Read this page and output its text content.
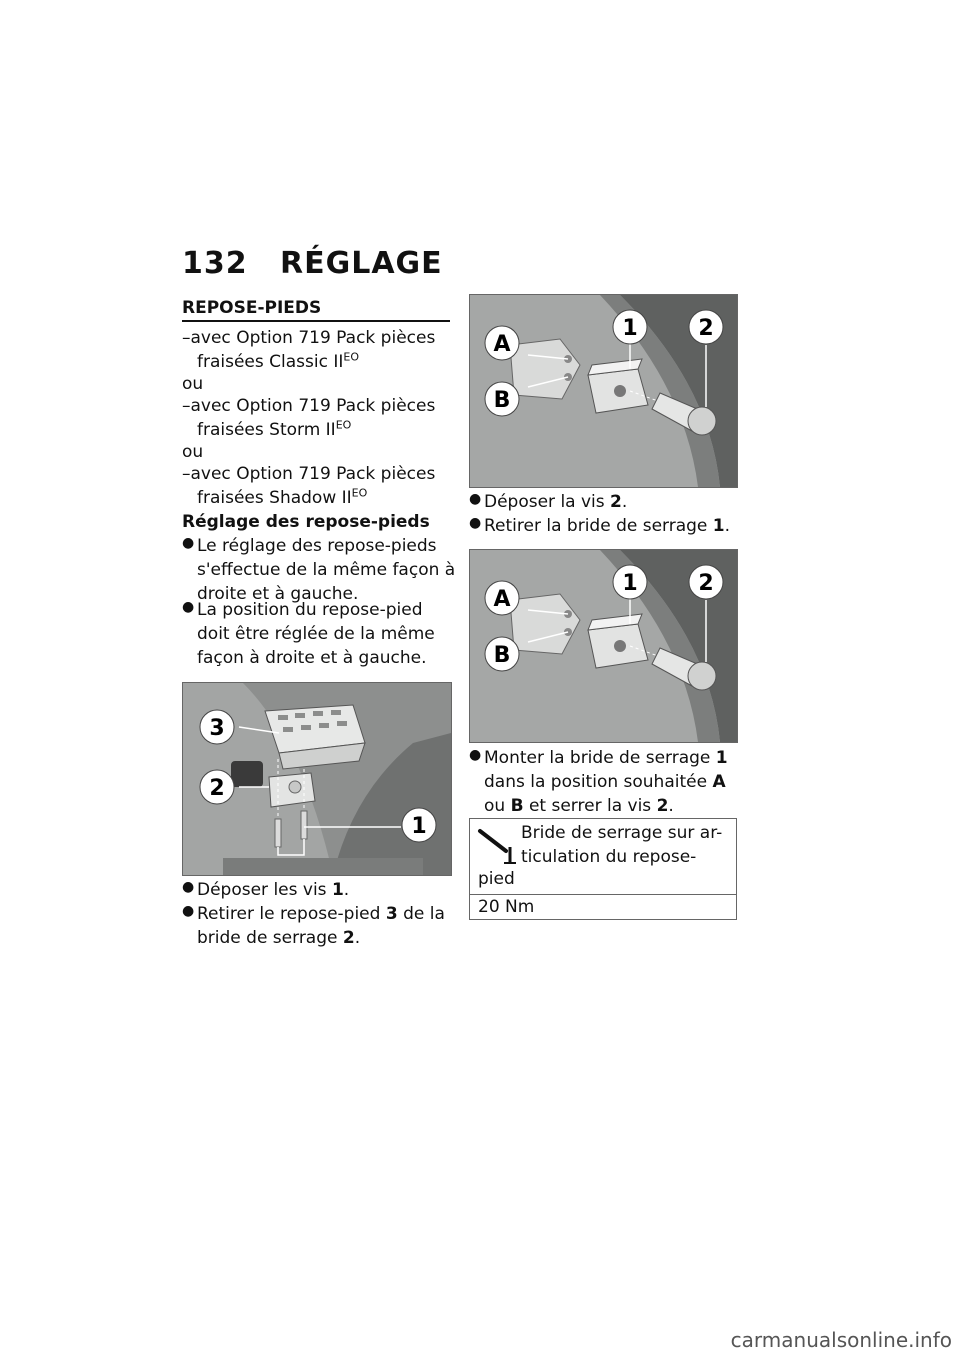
132 RÉGLAGE
REPOSE-PIEDS
–avec Option 719 Pack pièces
fraisées Classic $II^{EO}$
ou
–avec Option 719 Pack pièces
fraisées Storm $II^{EO}$
ou
–avec Option 719 Pack pièces
fraisées Shadow $II^{EO}$
Réglage des repose-pieds
● Le réglage des repose-pieds
s'effectue de la même façon à
droite et à gauche.
● La position du repose-pied
doit être réglée de la même
façon à droite et à gauche.
3
2
1
● Déposer les vis 1.
● Retirer le repose-pied 3 de la
bride de serrage 2.
A
B
1	2
● Déposer la vis 2.
● Retirer la bride de serrage 1.
A
B
1	2
● Monter la bride de serrage 1
dans la position souhaitée A
ou B et serrer la vis 2.
Bride de serrage sur ar-
ticulation du repose-
pied
20 Nm
carmanualsonline.info
